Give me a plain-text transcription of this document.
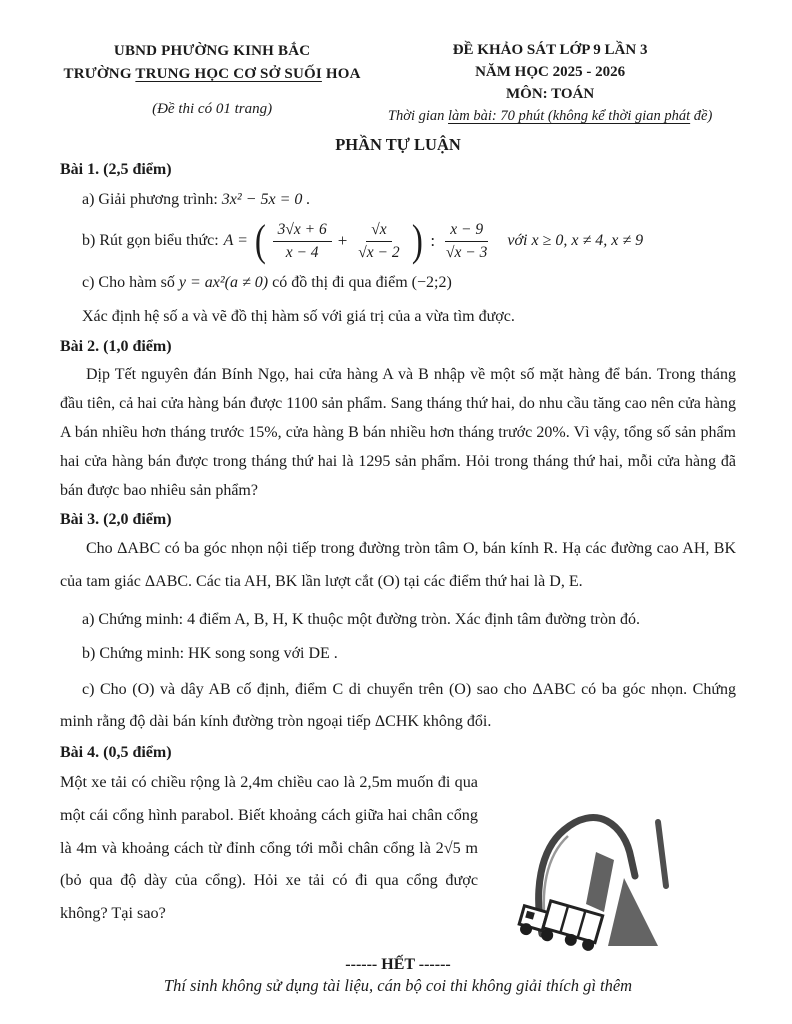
UBND PHƯỜNG KINH BẮC
TRƯỜNG TRUNG HỌC CƠ SỞ SUỐI HOA
(Đề thi có 01 trang)
ĐỀ KHẢO SÁT LỚP 9 LẦN 3
NĂM HỌC 2025 - 2026
MÔN: TOÁN
Thời gian làm bài: 70 phút (không kể thời gian phát đề)
PHẦN TỰ LUẬN
Bài 1. (2,5 điểm)
a) Giải phương trình: 3x² − 5x = 0 .
b) Rút gọn biểu thức: A = ( $\frac{3√x + 6}{x - 4} + \frac{√x}{√x - 2}$ ) : $\frac{x - 9}{√x - 3}$ với x ≥ 0, x ≠ 4, x ≠ 9
c) Cho hàm số y = ax²(a ≠ 0) có đồ thị đi qua điểm (−2;2)
Xác định hệ số a và vẽ đồ thị hàm số với giá trị của a vừa tìm được.
Bài 2. (1,0 điểm)
Dịp Tết nguyên đán Bính Ngọ, hai cửa hàng A và B nhập về một số mặt hàng để bán. Trong tháng đầu tiên, cả hai cửa hàng bán được 1100 sản phẩm. Sang tháng thứ hai, do nhu cầu tăng cao nên cửa hàng A bán nhiều hơn tháng trước 15%, cửa hàng B bán nhiều hơn tháng trước 20%. Vì vậy, tổng số sản phẩm hai cửa hàng bán được trong tháng thứ hai là 1295 sản phẩm. Hỏi trong tháng thứ hai, mỗi cửa hàng đã bán được bao nhiêu sản phẩm?
Bài 3. (2,0 điểm)
Cho ΔABC có ba góc nhọn nội tiếp trong đường tròn tâm O, bán kính R. Hạ các đường cao AH, BK của tam giác ΔABC. Các tia AH, BK lần lượt cắt (O) tại các điểm thứ hai là D, E.
a) Chứng minh: 4 điểm A, B, H, K thuộc một đường tròn. Xác định tâm đường tròn đó.
b) Chứng minh: HK song song với DE .
c) Cho (O) và dây AB cố định, điểm C di chuyển trên (O) sao cho ΔABC có ba góc nhọn. Chứng minh rằng độ dài bán kính đường tròn ngoại tiếp ΔCHK không đổi.
Bài 4. (0,5 điểm)
Một xe tải có chiều rộng là 2,4m chiều cao là 2,5m muốn đi qua một cái cổng hình parabol. Biết khoảng cách giữa hai chân cổng là 4m và khoảng cách từ đỉnh cổng tới mỗi chân cổng là 2√5 m (bỏ qua độ dày của cổng). Hỏi xe tải có đi qua cổng được không? Tại sao?
------ HẾT ------
Thí sinh không sử dụng tài liệu, cán bộ coi thi không giải thích gì thêm
